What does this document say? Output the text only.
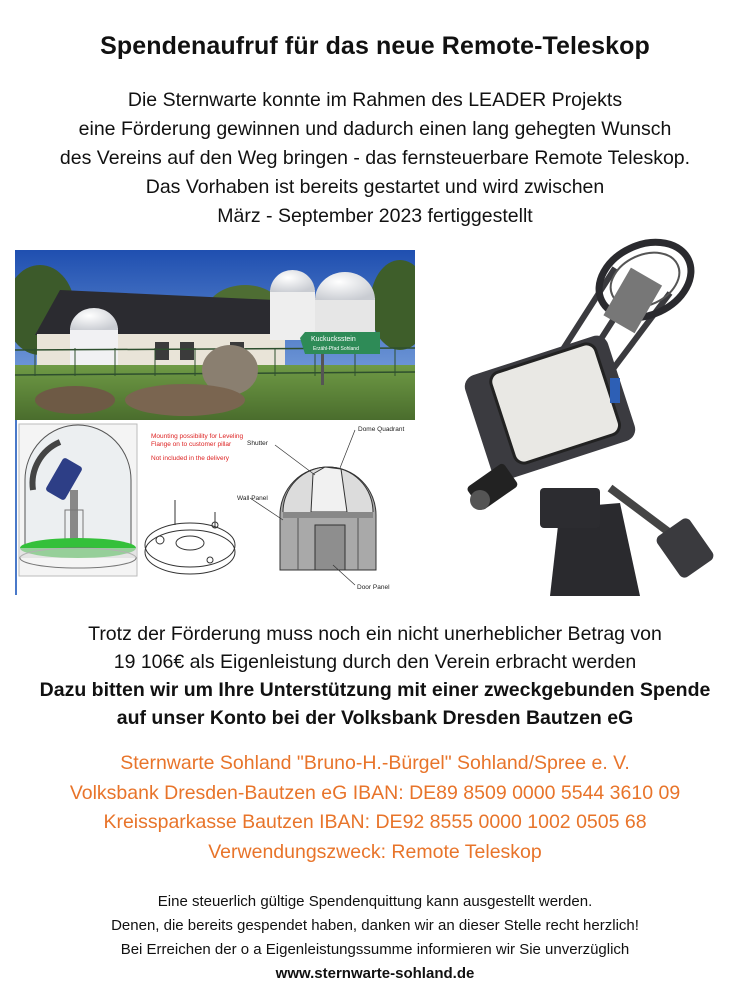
Spendenaufruf für das neue Remote-Teleskop
Die Sternwarte konnte im Rahmen des LEADER Projekts
eine Förderung gewinnen und dadurch einen lang gehegten Wunsch
des Vereins auf den Weg bringen - das fernsteuerbare Remote Teleskop.
Das Vorhaben ist bereits gestartet und wird zwischen
März - September 2023 fertiggestellt
Kuckucksstein
Erzähl-Pfad Sohland
Mounting possibility for Leveling
Flange on to customer pillar
Not included in the delivery
Shutter
Dome Quadrant
Wall Panel
Door Panel
Trotz der Förderung muss noch ein nicht unerheblicher Betrag von
19 106€ als Eigenleistung durch den Verein erbracht werden
Dazu bitten wir um Ihre Unterstützung mit einer zweckgebunden Spende
auf unser Konto bei der Volksbank Dresden Bautzen eG
Sternwarte Sohland "Bruno-H.-Bürgel" Sohland/Spree e. V.
Volksbank Dresden-Bautzen eG IBAN: DE89 8509 0000 5544 3610 09
Kreissparkasse Bautzen IBAN: DE92 8555 0000 1002 0505 68
Verwendungszweck: Remote Teleskop
Eine steuerlich gültige Spendenquittung kann ausgestellt werden.
Denen, die bereits gespendet haben, danken wir an dieser Stelle recht herzlich!
Bei Erreichen der o a Eigenleistungssumme informieren wir Sie unverzüglich
www.sternwarte-sohland.de
